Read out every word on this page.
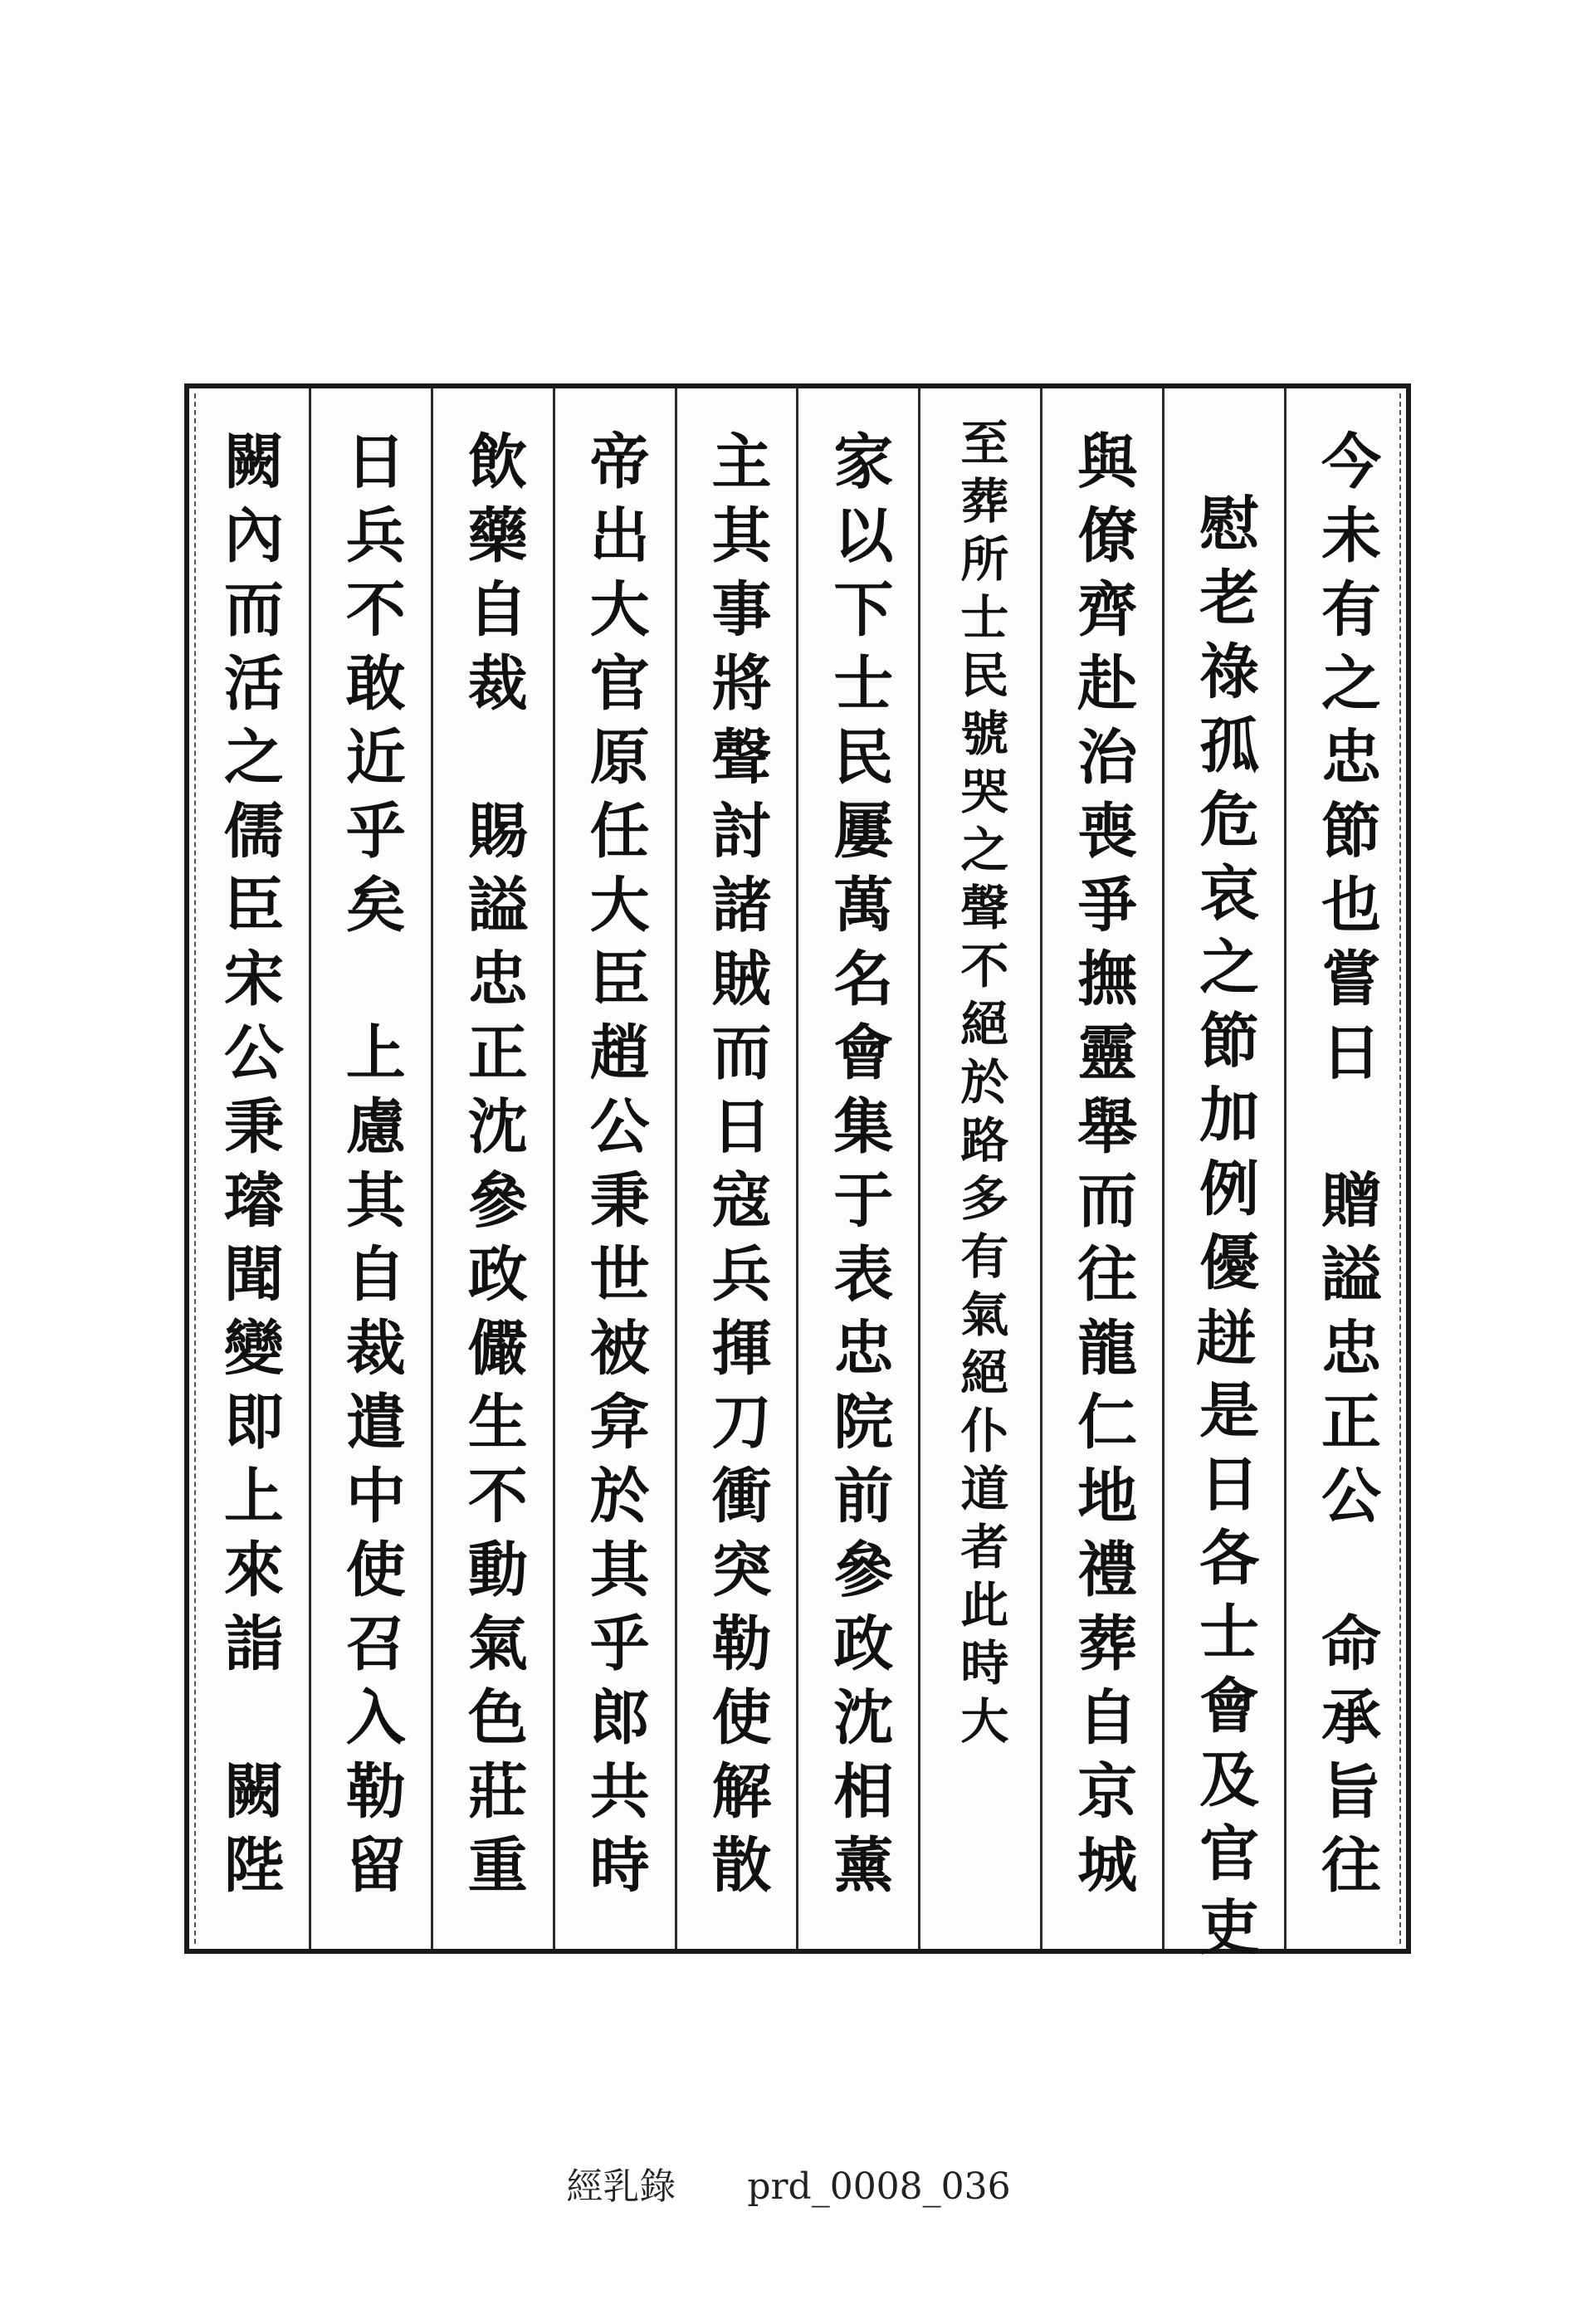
今未有之忠節也嘗日　贈謚忠正公　命承旨往
慰老祿孤危哀之節加例優𧻓是日各士會及官吏
與僚齊赴治喪爭撫靈舉而往龍仁地禮葬自京城
至葬所士民號哭之聲不絕於路多有氣絕仆道者此時大
家以下士民屢萬名會集于表忠院前參政沈相薰
主其事將聲討諸賊而日寇兵揮刀衝突勒使解散
帝出大官原任大臣趙公秉世被弇於其乎郎共時
飲藥自裁　賜謚忠正沈參政儼生不動氣色莊重
日兵不敢近乎矣　上慮其自裁遣中使召入勒留
闕內而活之儒臣宋公秉璿聞變即上來詣　闕陛
經乳錄 prd_0008_036
